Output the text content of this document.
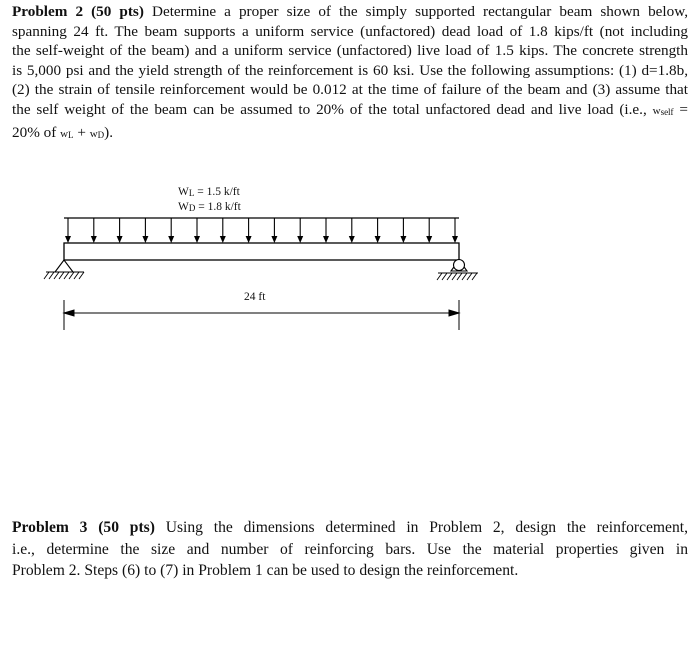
Problem 2 (50 pts) Determine a proper size of the simply supported rectangular beam shown below,
spanning 24 ft. The beam supports a uniform service (unfactored) dead load of 1.8 kips/ft (not including
the self-weight of the beam) and a uniform service (unfactored) live load of 1.5 kips. The concrete strength
is 5,000 psi and the yield strength of the reinforcement is 60 ksi. Use the following assumptions: (1) d=1.8b,
(2) the strain of tensile reinforcement would be 0.012 at the time of failure of the beam and (3) assume that
the self weight of the beam can be assumed to 20% of the total unfactored dead and live load (i.e., $w_{self}$ =
20% of $w_L + w_D$).
$W_L = 1.5$ k/ft
$W_D = 1.8$ k/ft
24 ft
Problem 3 (50 pts) Using the dimensions determined in Problem 2, design the reinforcement,
i.e., determine the size and number of reinforcing bars. Use the material properties given in
Problem 2. Steps (6) to (7) in Problem 1 can be used to design the reinforcement.
